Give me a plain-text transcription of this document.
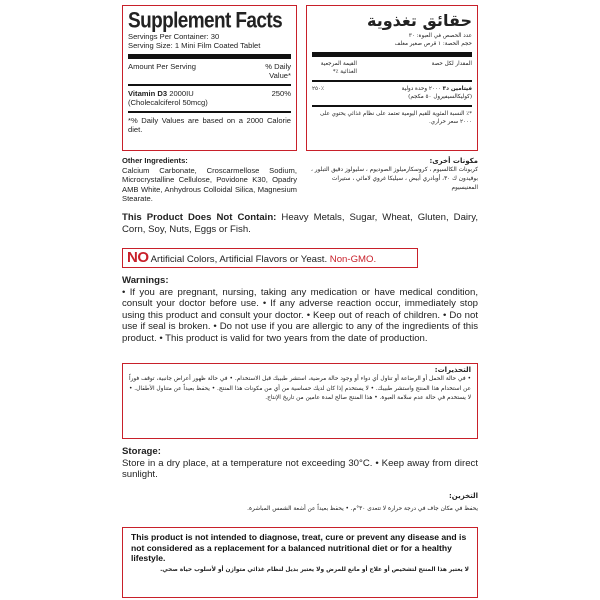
Supplement Facts
Servings Per Container: 30
Serving Size: 1 Mini Film Coated Tablet
Amount Per Serving	% Daily Value*
Vitamin D3 2000IU	250%
(Cholecalciferol 50mcg)
*% Daily Values are based on a 2000 Calorie diet.
حقائق تغذوية
عدد الحصص في العبوة: ٣٠
حجم الحصة: ١ قرص صغير مغلف
المقدار لكل حصة
القيمة المرجعية الغذائية ٪*
فيتامين د٣ ٢٠٠٠ وحدة دولية
٪٢٥٠
(كوليكالسيفيرول ٥٠ مكجم)
*٪ النسبة المئوية للقيم اليومية تعتمد على نظام غذائي يحتوي على ٢٠٠٠ سعر حراري.
Other Ingredients:
Calcium Carbonate, Croscarmellose Sodium, Microcrystalline Cellulose, Povidone K30, Opadry AMB White, Anhydrous Colloidal Silica, Magnesium Stearate.
مكونات أخرى:
كربونات الكالسيوم ، كروسكارميلوز الصوديوم ، سليولوز دقيق التبلور ، بوفيدون ك ٣٠، أوبادري أبيض ، سيليكا غروي لامائي ، ستيرات المغنيسيوم
This Product Does Not Contain: Heavy Metals, Sugar, Wheat, Gluten, Dairy, Corn, Soy, Nuts, Eggs or Fish.
NO Artificial Colors, Artificial Flavors or Yeast. Non-GMO.
Warnings:
• If you are pregnant, nursing, taking any medication or have medical condition, consult your doctor before use. • If any adverse reaction occur, immediately stop using this product and consult your doctor. • Keep out of reach of children. • Do not use if seal is broken. • Do not use if you are allergic to any of the ingredients of this product. • This product is valid for two years from the date of production.
التحذيرات:
• في حالة الحمل أو الرضاعة أو تناول أي دواء أو وجود حالة مرضية، استشر طبيبك قبل الاستخدام. • في حالة ظهور أعراض جانبية، توقف فوراً عن استخدام هذا المنتج واستشر طبيبك. • لا يستخدم إذا كان لديك حساسية من أي من مكونات هذا المنتج. • يحفظ بعيداً عن متناول الأطفال. • لا يستخدم في حالة عدم سلامة العبوة. • هذا المنتج صالح لمدة عامين من تاريخ الإنتاج.
Storage:
Store in a dry place, at a temperature not exceeding 30°C. • Keep away from direct sunlight.
التخزين:
يحفظ في مكان جاف في درجة حرارة لا تتعدى ٣٠°م. • يحفظ بعيداً عن أشعة الشمس المباشرة.
This product is not intended to diagnose, treat, cure or prevent any disease and is not considered as a replacement for a balanced nutritional diet or for a healthy lifestyle.
لا يعتبر هذا المنتج لتشخيص أو علاج أو مانع للمرض ولا يعتبر بديل لنظام غذائي متوازن أو لأسلوب حياة صحي.
